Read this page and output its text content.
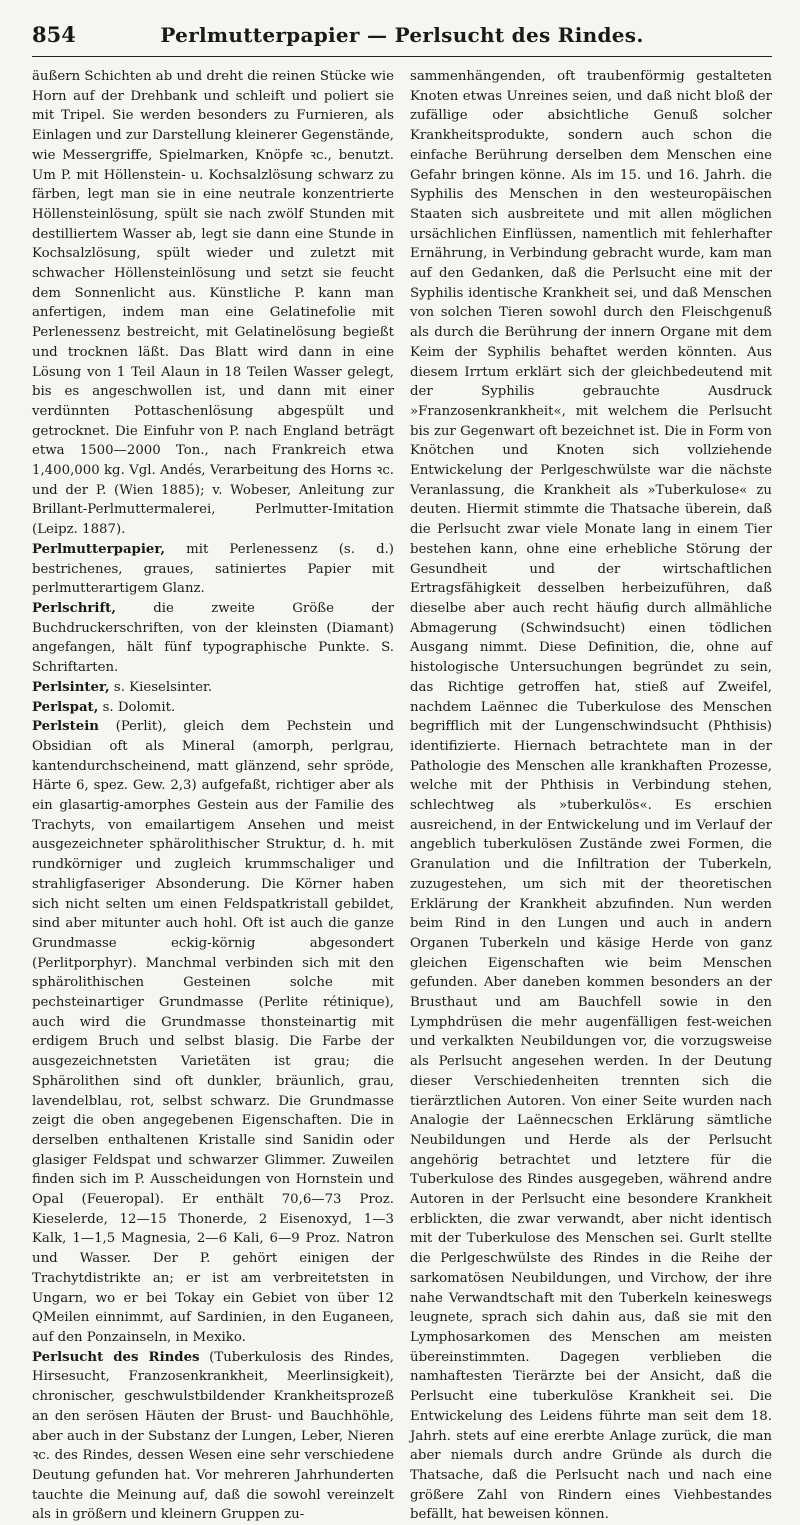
854	Perlmutterpapier — Perlsucht des Rindes.

äußern Schichten ab und dreht die reinen Stücke wie Horn auf der Drehbank und schleift und poliert sie mit Tripel. Sie werden besonders zu Furnieren, als Einlagen und zur Darstellung kleinerer Gegenstände, wie Messergriffe, Spielmarken, Knöpfe ꝛc., benutzt. Um P. mit Höllenstein- u. Kochsalzlösung schwarz zu färben, legt man sie in eine neutrale konzentrierte Höllensteinlösung, spült sie nach zwölf Stunden mit destilliertem Wasser ab, legt sie dann eine Stunde in Kochsalzlösung, spült wieder und zuletzt mit schwacher Höllensteinlösung und setzt sie feucht dem Sonnenlicht aus. Künstliche P. kann man anfertigen, indem man eine Gelatinefolie mit Perlenessenz bestreicht, mit Gelatinelösung begießt und trocknen läßt. Das Blatt wird dann in eine Lösung von 1 Teil Alaun in 18 Teilen Wasser gelegt, bis es angeschwollen ist, und dann mit einer verdünnten Pottaschenlösung abgespült und getrocknet. Die Einfuhr von P. nach England beträgt etwa 1500—2000 Ton., nach Frankreich etwa 1,400,000 kg. Vgl. Andés, Verarbeitung des Horns ꝛc. und der P. (Wien 1885); v. Wobeser, Anleitung zur Brillant-Perlmuttermalerei, Perlmutter-Imitation (Leipz. 1887).

Perlmutterpapier, mit Perlenessenz (s. d.) bestrichenes, graues, satiniertes Papier mit perlmutterartigem Glanz.

Perlschrift, die zweite Größe der Buchdruckerschriften, von der kleinsten (Diamant) angefangen, hält fünf typographische Punkte. S. Schriftarten.

Perlsinter, s. Kieselsinter.

Perlspat, s. Dolomit.

Perlstein (Perlit), gleich dem Pechstein und Obsidian oft als Mineral (amorph, perlgrau, kantendurchscheinend, matt glänzend, sehr spröde, Härte 6, spez. Gew. 2,3) aufgefaßt, richtiger aber als ein glasartig-amorphes Gestein aus der Familie des Trachyts, von emailartigem Ansehen und meist ausgezeichneter sphärolithischer Struktur, d. h. mit rundkörniger und zugleich krummschaliger und strahligfaseriger Absonderung. Die Körner haben sich nicht selten um einen Feldspatkristall gebildet, sind aber mitunter auch hohl. Oft ist auch die ganze Grundmasse eckig-körnig abgesondert (Perlitporphyr). Manchmal verbinden sich mit den sphärolithischen Gesteinen solche mit pechsteinartiger Grundmasse (Perlite rétinique), auch wird die Grundmasse thonsteinartig mit erdigem Bruch und selbst blasig. Die Farbe der ausgezeichnetsten Varietäten ist grau; die Sphärolithen sind oft dunkler, bräunlich, grau, lavendelblau, rot, selbst schwarz. Die Grundmasse zeigt die oben angegebenen Eigenschaften. Die in derselben enthaltenen Kristalle sind Sanidin oder glasiger Feldspat und schwarzer Glimmer. Zuweilen finden sich im P. Ausscheidungen von Hornstein und Opal (Feueropal). Er enthält 70,6—73 Proz. Kieselerde, 12—15 Thonerde, 2 Eisenoxyd, 1—3 Kalk, 1—1,5 Magnesia, 2—6 Kali, 6—9 Proz. Natron und Wasser. Der P. gehört einigen der Trachytdistrikte an; er ist am verbreitetsten in Ungarn, wo er bei Tokay ein Gebiet von über 12 QMeilen einnimmt, auf Sardinien, in den Euganeen, auf den Ponzainseln, in Mexiko.

Perlsucht des Rindes (Tuberkulosis des Rindes, Hirsesucht, Franzosenkrankheit, Meerlinsigkeit), chronischer, geschwulstbildender Krankheitsprozeß an den serösen Häuten der Brust- und Bauchhöhle, aber auch in der Substanz der Lungen, Leber, Nieren ꝛc. des Rindes, dessen Wesen eine sehr verschiedene Deutung gefunden hat. Vor mehreren Jahrhunderten tauchte die Meinung auf, daß die sowohl vereinzelt als in größern und kleinern Gruppen zu-

sammenhängenden, oft traubenförmig gestalteten Knoten etwas Unreines seien, und daß nicht bloß der zufällige oder absichtliche Genuß solcher Krankheitsprodukte, sondern auch schon die einfache Berührung derselben dem Menschen eine Gefahr bringen könne. Als im 15. und 16. Jahrh. die Syphilis des Menschen in den westeuropäischen Staaten sich ausbreitete und mit allen möglichen ursächlichen Einflüssen, namentlich mit fehlerhafter Ernährung, in Verbindung gebracht wurde, kam man auf den Gedanken, daß die Perlsucht eine mit der Syphilis identische Krankheit sei, und daß Menschen von solchen Tieren sowohl durch den Fleischgenuß als durch die Berührung der innern Organe mit dem Keim der Syphilis behaftet werden könnten. Aus diesem Irrtum erklärt sich der gleichbedeutend mit der Syphilis gebrauchte Ausdruck »Franzosenkrankheit«, mit welchem die Perlsucht bis zur Gegenwart oft bezeichnet ist. Die in Form von Knötchen und Knoten sich vollziehende Entwickelung der Perlgeschwülste war die nächste Veranlassung, die Krankheit als »Tuberkulose« zu deuten. Hiermit stimmte die Thatsache überein, daß die Perlsucht zwar viele Monate lang in einem Tier bestehen kann, ohne eine erhebliche Störung der Gesundheit und der wirtschaftlichen Ertragsfähigkeit desselben herbeizuführen, daß dieselbe aber auch recht häufig durch allmähliche Abmagerung (Schwindsucht) einen tödlichen Ausgang nimmt. Diese Definition, die, ohne auf histologische Untersuchungen begründet zu sein, das Richtige getroffen hat, stieß auf Zweifel, nachdem Laënnec die Tuberkulose des Menschen begrifflich mit der Lungenschwindsucht (Phthisis) identifizierte. Hiernach betrachtete man in der Pathologie des Menschen alle krankhaften Prozesse, welche mit der Phthisis in Verbindung stehen, schlechtweg als »tuberkulös«. Es erschien ausreichend, in der Entwickelung und im Verlauf der angeblich tuberkulösen Zustände zwei Formen, die Granulation und die Infiltration der Tuberkeln, zuzugestehen, um sich mit der theoretischen Erklärung der Krankheit abzufinden. Nun werden beim Rind in den Lungen und auch in andern Organen Tuberkeln und käsige Herde von ganz gleichen Eigenschaften wie beim Menschen gefunden. Aber daneben kommen besonders an der Brusthaut und am Bauchfell sowie in den Lymphdrüsen die mehr augenfälligen fest-weichen und verkalkten Neubildungen vor, die vorzugsweise als Perlsucht angesehen werden. In der Deutung dieser Verschiedenheiten trennten sich die tierärztlichen Autoren. Von einer Seite wurden nach Analogie der Laënnecschen Erklärung sämtliche Neubildungen und Herde als der Perlsucht angehörig betrachtet und letztere für die Tuberkulose des Rindes ausgegeben, während andre Autoren in der Perlsucht eine besondere Krankheit erblickten, die zwar verwandt, aber nicht identisch mit der Tuberkulose des Menschen sei. Gurlt stellte die Perlgeschwülste des Rindes in die Reihe der sarkomatösen Neubildungen, und Virchow, der ihre nahe Verwandtschaft mit den Tuberkeln keineswegs leugnete, sprach sich dahin aus, daß sie mit den Lymphosarkomen des Menschen am meisten übereinstimmten. Dagegen verblieben die namhaftesten Tierärzte bei der Ansicht, daß die Perlsucht eine tuberkulöse Krankheit sei. Die Entwickelung des Leidens führte man seit dem 18. Jahrh. stets auf eine ererbte Anlage zurück, die man aber niemals durch andre Gründe als durch die Thatsache, daß die Perlsucht nach und nach eine größere Zahl von Rindern eines Viehbestandes befällt, hat beweisen können.
